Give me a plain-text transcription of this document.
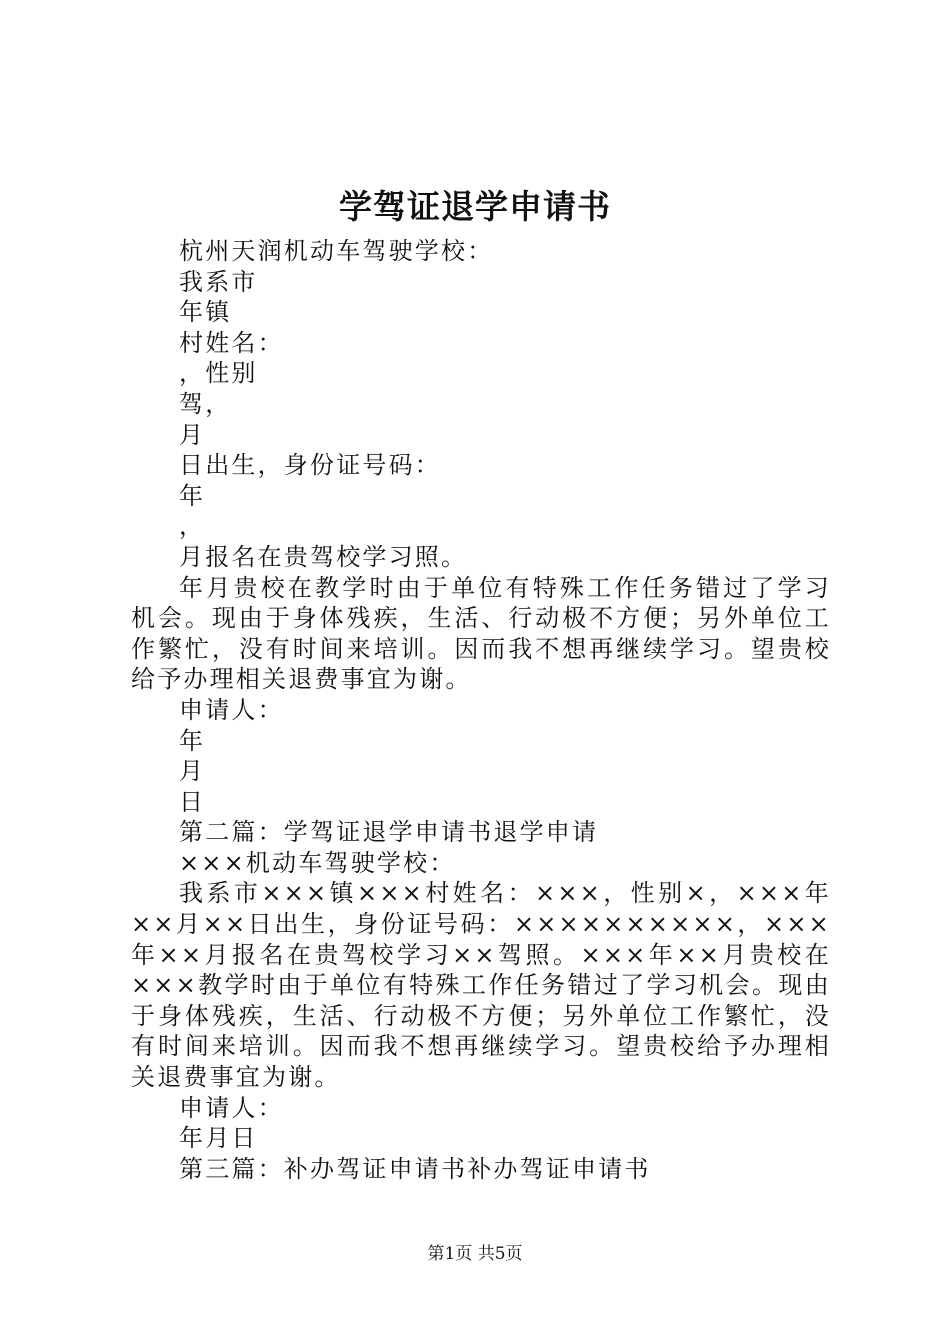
学驾证退学申请书

杭州天润机动车驾驶学校：

我系市

年镇

村姓名：

，性别

驾，

月

日出生，身份证号码：

年

，

月报名在贵驾校学习照。

年月贵校在教学时由于单位有特殊工作任务错过了学习机会。现由于身体残疾，生活、行动极不方便；另外单位工作繁忙，没有时间来培训。因而我不想再继续学习。望贵校给予办理相关退费事宜为谢。

申请人：

年

月

日

第二篇：学驾证退学申请书退学申请

×××机动车驾驶学校：

我系市×××镇×××村姓名：×××，性别×，×××年××月××日出生，身份证号码：××××××××××，×××年××月报名在贵驾校学习××驾照。×××年××月贵校在×××教学时由于单位有特殊工作任务错过了学习机会。现由于身体残疾，生活、行动极不方便；另外单位工作繁忙，没有时间来培训。因而我不想再继续学习。望贵校给予办理相关退费事宜为谢。

申请人：

年月日

第三篇：补办驾证申请书补办驾证申请书

第1页 共5页
